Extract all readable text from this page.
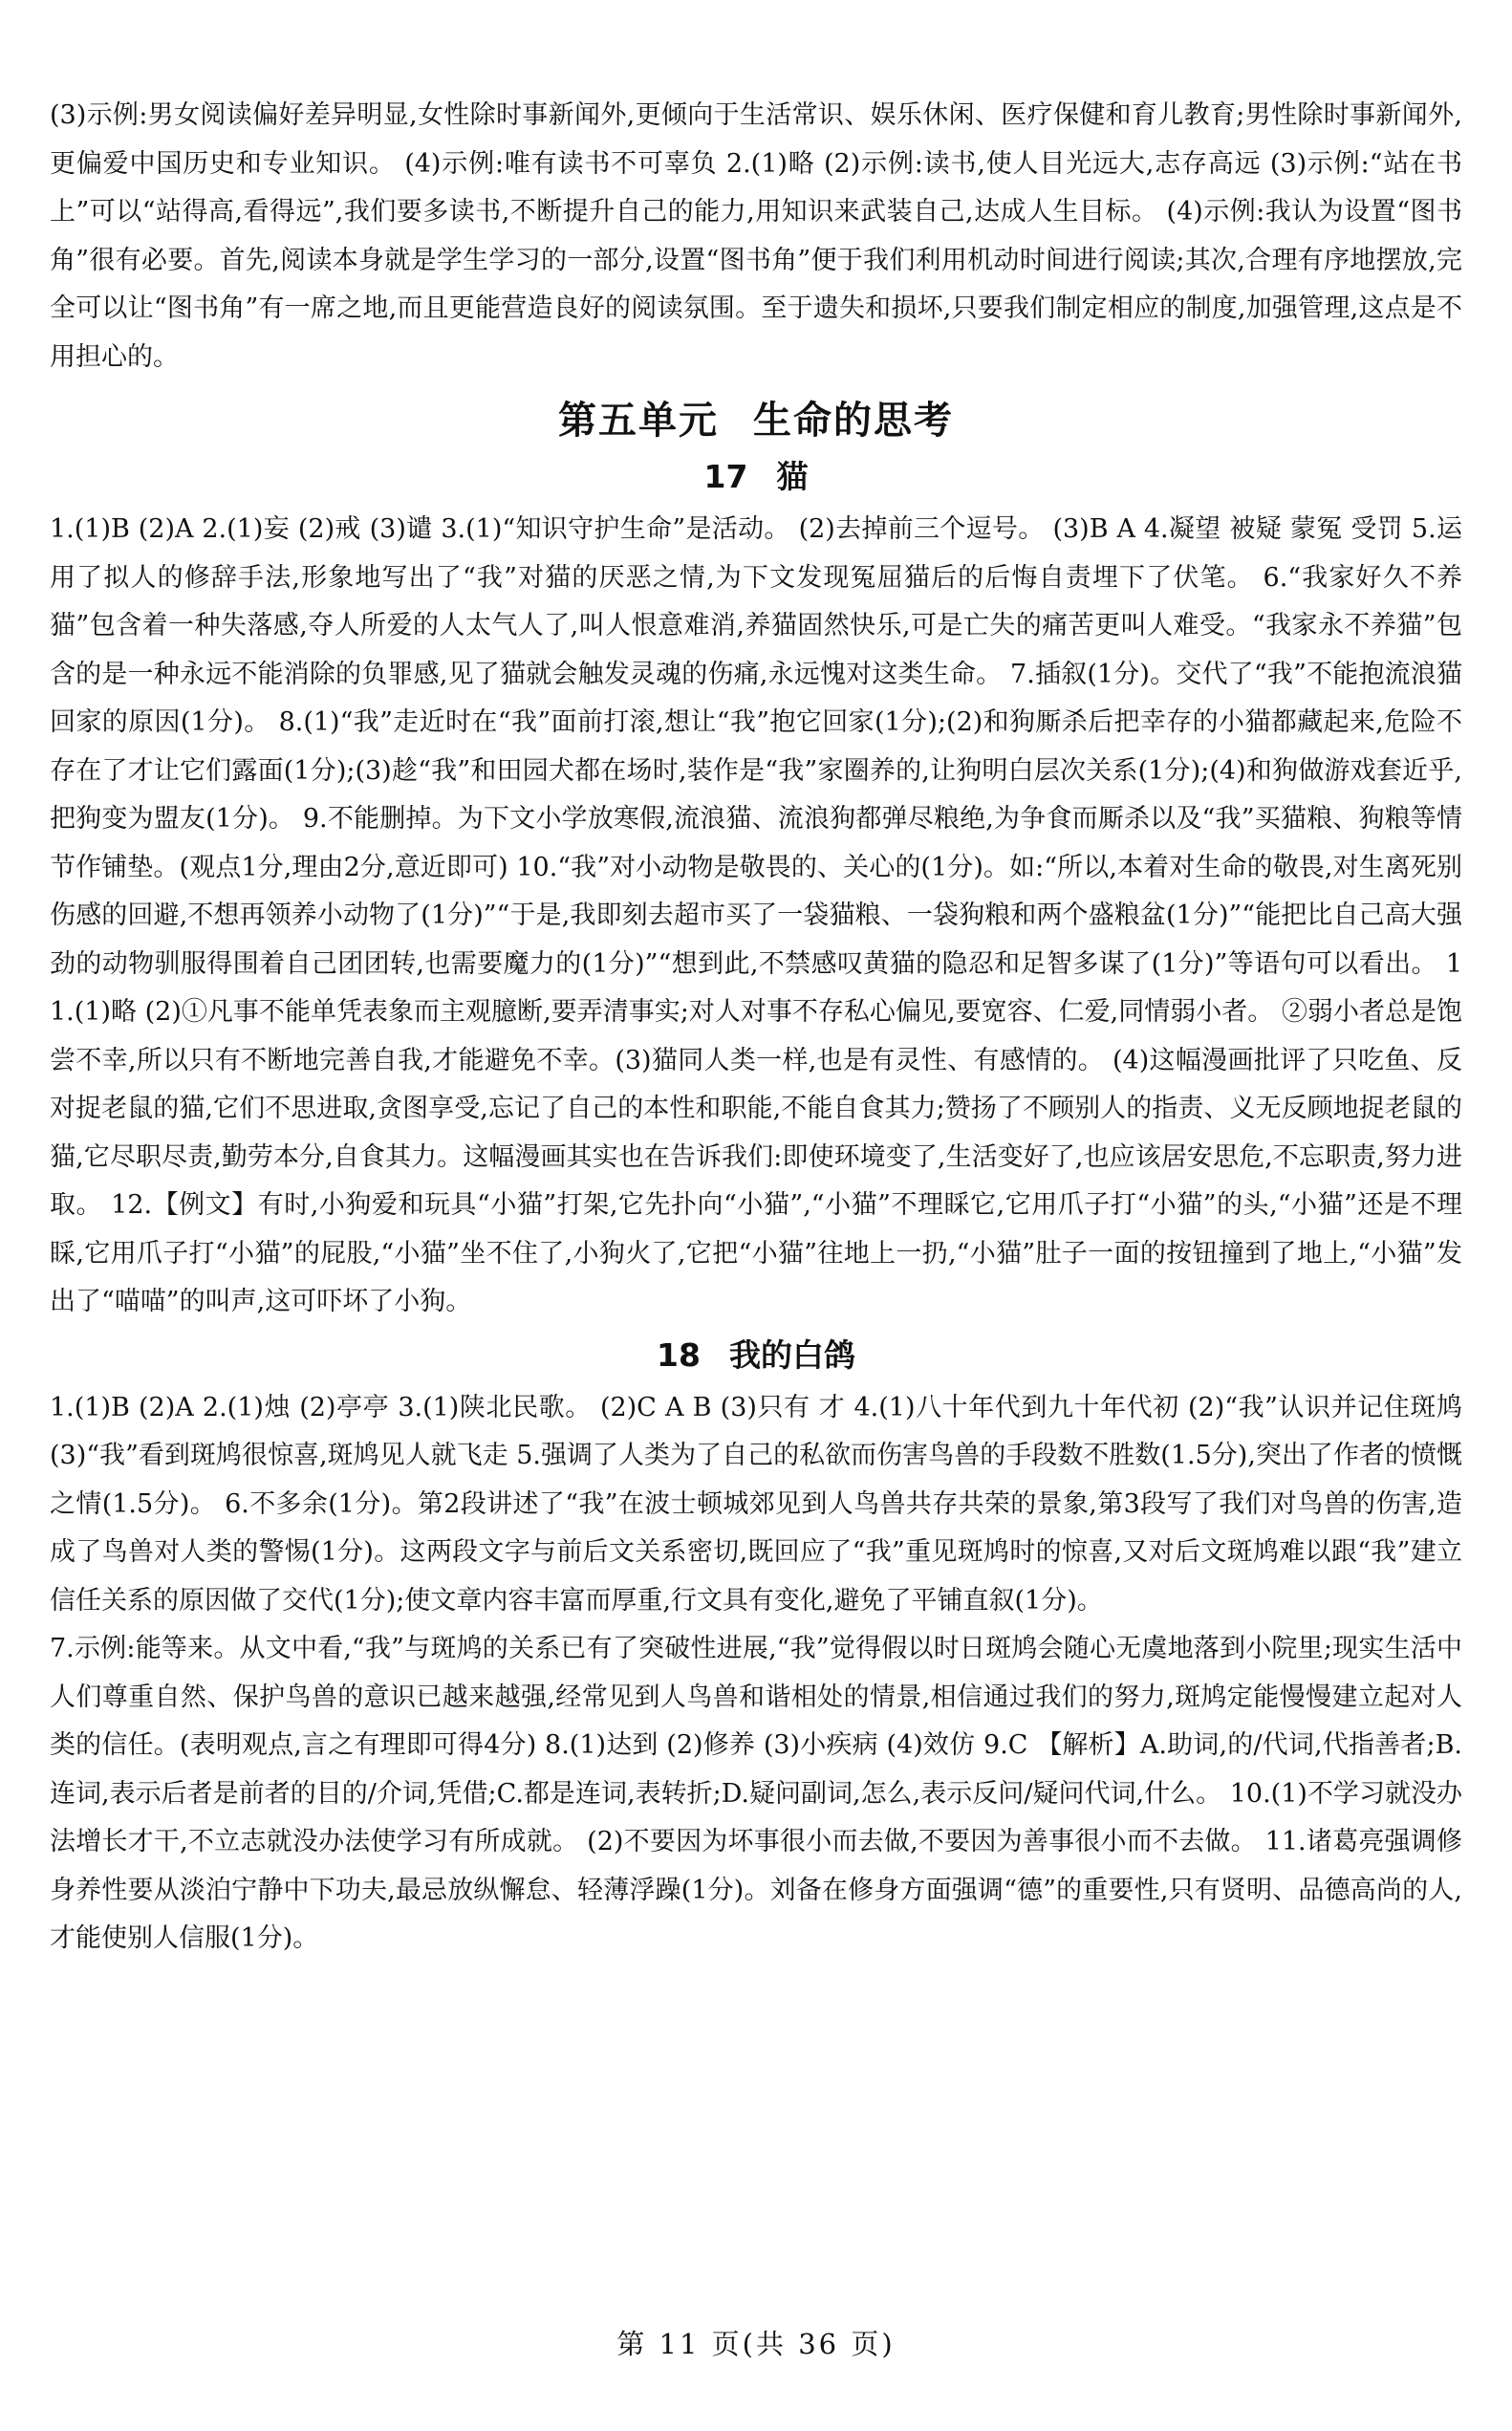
(3)示例:男女阅读偏好差异明显,女性除时事新闻外,更倾向于生活常识、娱乐休闲、医疗保健和育儿教育;男性除时事新闻外,更偏爱中国历史和专业知识。 (4)示例:唯有读书不可辜负 2.(1)略 (2)示例:读书,使人目光远大,志存高远 (3)示例:“站在书上”可以“站得高,看得远”,我们要多读书,不断提升自己的能力,用知识来武装自己,达成人生目标。 (4)示例:我认为设置“图书角”很有必要。首先,阅读本身就是学生学习的一部分,设置“图书角”便于我们利用机动时间进行阅读;其次,合理有序地摆放,完全可以让“图书角”有一席之地,而且更能营造良好的阅读氛围。至于遗失和损坏,只要我们制定相应的制度,加强管理,这点是不用担心的。

第五单元 生命的思考
17 猫

1.(1)B (2)A 2.(1)妄 (2)戒 (3)谴 3.(1)“知识守护生命”是活动。 (2)去掉前三个逗号。 (3)B A 4.凝望 被疑 蒙冤 受罚 5.运用了拟人的修辞手法,形象地写出了“我”对猫的厌恶之情,为下文发现冤屈猫后的后悔自责埋下了伏笔。 6.“我家好久不养猫”包含着一种失落感,夺人所爱的人太气人了,叫人恨意难消,养猫固然快乐,可是亡失的痛苦更叫人难受。“我家永不养猫”包含的是一种永远不能消除的负罪感,见了猫就会触发灵魂的伤痛,永远愧对这类生命。 7.插叙(1分)。交代了“我”不能抱流浪猫回家的原因(1分)。 8.(1)“我”走近时在“我”面前打滚,想让“我”抱它回家(1分);(2)和狗厮杀后把幸存的小猫都藏起来,危险不存在了才让它们露面(1分);(3)趁“我”和田园犬都在场时,装作是“我”家圈养的,让狗明白层次关系(1分);(4)和狗做游戏套近乎,把狗变为盟友(1分)。 9.不能删掉。为下文小学放寒假,流浪猫、流浪狗都弹尽粮绝,为争食而厮杀以及“我”买猫粮、狗粮等情节作铺垫。(观点1分,理由2分,意近即可) 10.“我”对小动物是敬畏的、关心的(1分)。如:“所以,本着对生命的敬畏,对生离死别伤感的回避,不想再领养小动物了(1分)”“于是,我即刻去超市买了一袋猫粮、一袋狗粮和两个盛粮盆(1分)”“能把比自己高大强劲的动物驯服得围着自己团团转,也需要魔力的(1分)”“想到此,不禁感叹黄猫的隐忍和足智多谋了(1分)”等语句可以看出。 11.(1)略 (2)①凡事不能单凭表象而主观臆断,要弄清事实;对人对事不存私心偏见,要宽容、仁爱,同情弱小者。 ②弱小者总是饱尝不幸,所以只有不断地完善自我,才能避免不幸。(3)猫同人类一样,也是有灵性、有感情的。 (4)这幅漫画批评了只吃鱼、反对捉老鼠的猫,它们不思进取,贪图享受,忘记了自己的本性和职能,不能自食其力;赞扬了不顾别人的指责、义无反顾地捉老鼠的猫,它尽职尽责,勤劳本分,自食其力。这幅漫画其实也在告诉我们:即使环境变了,生活变好了,也应该居安思危,不忘职责,努力进取。 12.【例文】有时,小狗爱和玩具“小猫”打架,它先扑向“小猫”,“小猫”不理睬它,它用爪子打“小猫”的头,“小猫”还是不理睬,它用爪子打“小猫”的屁股,“小猫”坐不住了,小狗火了,它把“小猫”往地上一扔,“小猫”肚子一面的按钮撞到了地上,“小猫”发出了“喵喵”的叫声,这可吓坏了小狗。

18 我的白鸽

1.(1)B (2)A 2.(1)烛 (2)亭亭 3.(1)陕北民歌。 (2)C A B (3)只有 才 4.(1)八十年代到九十年代初 (2)“我”认识并记住斑鸠 (3)“我”看到斑鸠很惊喜,斑鸠见人就飞走 5.强调了人类为了自己的私欲而伤害鸟兽的手段数不胜数(1.5分),突出了作者的愤慨之情(1.5分)。 6.不多余(1分)。第2段讲述了“我”在波士顿城郊见到人鸟兽共存共荣的景象,第3段写了我们对鸟兽的伤害,造成了鸟兽对人类的警惕(1分)。这两段文字与前后文关系密切,既回应了“我”重见斑鸠时的惊喜,又对后文斑鸠难以跟“我”建立信任关系的原因做了交代(1分);使文章内容丰富而厚重,行文具有变化,避免了平铺直叙(1分)。

7.示例:能等来。从文中看,“我”与斑鸠的关系已有了突破性进展,“我”觉得假以时日斑鸠会随心无虞地落到小院里;现实生活中人们尊重自然、保护鸟兽的意识已越来越强,经常见到人鸟兽和谐相处的情景,相信通过我们的努力,斑鸠定能慢慢建立起对人类的信任。(表明观点,言之有理即可得4分) 8.(1)达到 (2)修养 (3)小疾病 (4)效仿 9.C 【解析】A.助词,的/代词,代指善者;B.连词,表示后者是前者的目的/介词,凭借;C.都是连词,表转折;D.疑问副词,怎么,表示反问/疑问代词,什么。 10.(1)不学习就没办法增长才干,不立志就没办法使学习有所成就。 (2)不要因为坏事很小而去做,不要因为善事很小而不去做。 11.诸葛亮强调修身养性要从淡泊宁静中下功夫,最忌放纵懈怠、轻薄浮躁(1分)。刘备在修身方面强调“德”的重要性,只有贤明、品德高尚的人,才能使别人信服(1分)。

第 11 页(共 36 页)
